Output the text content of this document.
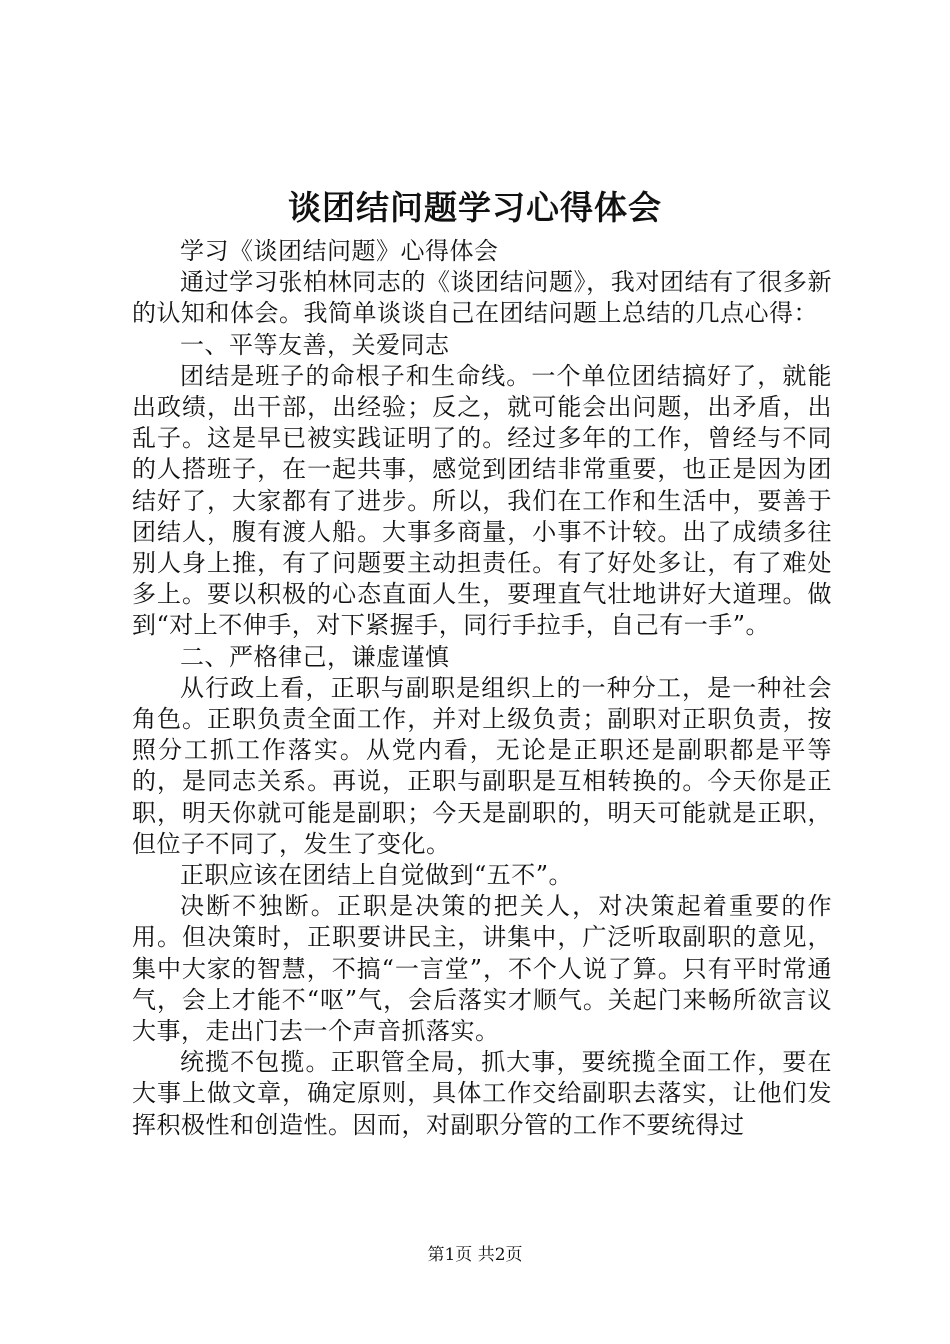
谈团结问题学习心得体会

学习《谈团结问题》心得体会

通过学习张柏林同志的《谈团结问题》，我对团结有了很多新的认知和体会。我简单谈谈自己在团结问题上总结的几点心得：

一、平等友善，关爱同志

团结是班子的命根子和生命线。一个单位团结搞好了，就能出政绩，出干部，出经验；反之，就可能会出问题，出矛盾，出乱子。这是早已被实践证明了的。经过多年的工作，曾经与不同的人搭班子，在一起共事，感觉到团结非常重要，也正是因为团结好了，大家都有了进步。所以，我们在工作和生活中，要善于团结人，腹有渡人船。大事多商量，小事不计较。出了成绩多往别人身上推，有了问题要主动担责任。有了好处多让，有了难处多上。要以积极的心态直面人生，要理直气壮地讲好大道理。做到“对上不伸手，对下紧握手，同行手拉手，自己有一手”。

二、严格律己，谦虚谨慎

从行政上看，正职与副职是组织上的一种分工，是一种社会角色。正职负责全面工作，并对上级负责；副职对正职负责，按照分工抓工作落实。从党内看，无论是正职还是副职都是平等的，是同志关系。再说，正职与副职是互相转换的。今天你是正职，明天你就可能是副职；今天是副职的，明天可能就是正职，但位子不同了，发生了变化。

正职应该在团结上自觉做到“五不”。

决断不独断。正职是决策的把关人，对决策起着重要的作用。但决策时，正职要讲民主，讲集中，广泛听取副职的意见，集中大家的智慧，不搞“一言堂”，不个人说了算。只有平时常通气，会上才能不“呕”气，会后落实才顺气。关起门来畅所欲言议大事，走出门去一个声音抓落实。

统揽不包揽。正职管全局，抓大事，要统揽全面工作，要在大事上做文章，确定原则，具体工作交给副职去落实，让他们发挥积极性和创造性。因而，对副职分管的工作不要统得过

第1页 共2页
